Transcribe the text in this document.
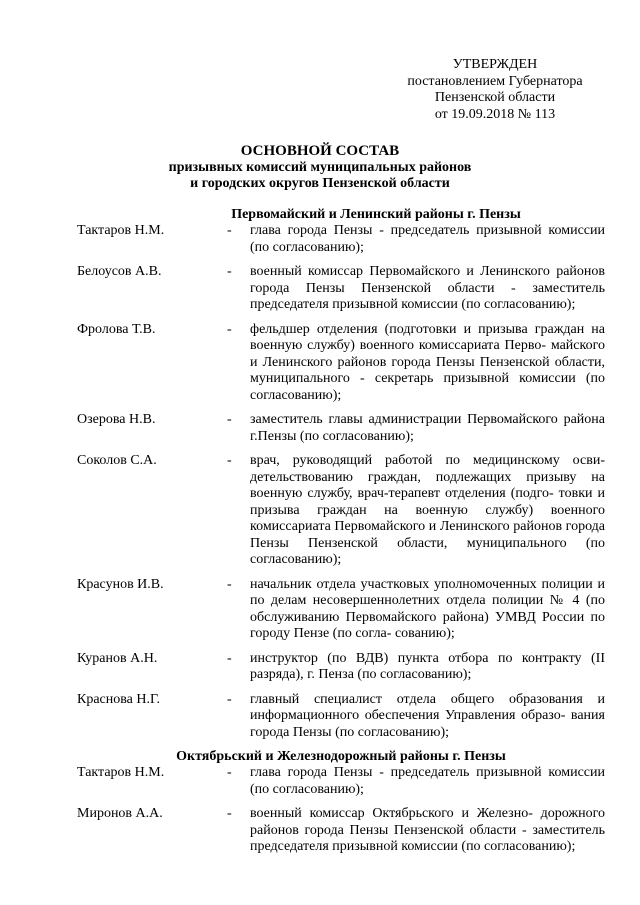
УТВЕРЖДЕН
постановлением Губернатора
Пензенской области
от 19.09.2018 № 113
ОСНОВНОЙ СОСТАВ
призывных комиссий муниципальных районов
и городских округов Пензенской области
Первомайский и Ленинский районы г. Пензы
Тактаров Н.М.	-	глава города Пензы - председатель призывной комиссии (по согласованию);
Белоусов А.В.	-	военный комиссар Первомайского и Ленинского районов города Пензы Пензенской области - заместитель председателя призывной комиссии (по согласованию);
Фролова Т.В.	-	фельдшер отделения (подготовки и призыва граждан на военную службу) военного комиссариата Перво- майского и Ленинского районов города Пензы Пензенской области, муниципального - секретарь призывной комиссии (по согласованию);
Озерова Н.В.	-	заместитель главы администрации Первомайского района г.Пензы (по согласованию);
Соколов С.А.	-	врач, руководящий работой по медицинскому осви- детельствованию граждан, подлежащих призыву на военную службу, врач-терапевт отделения (подго- товки и призыва граждан на военную службу) военного комиссариата Первомайского и Ленинского районов города Пензы Пензенской области, муниципального (по согласованию);
Красунов И.В.	-	начальник отдела участковых уполномоченных полиции и по делам несовершеннолетних отдела полиции № 4 (по обслуживанию Первомайского района) УМВД России по городу Пензе (по согла- сованию);
Куранов А.Н.	-	инструктор (по ВДВ) пункта отбора по контракту (II разряда), г. Пенза (по согласованию);
Краснова Н.Г.	-	главный специалист отдела общего образования и информационного обеспечения Управления образо- вания города Пензы (по согласованию);
Октябрьский и Железнодорожный районы г. Пензы
Тактаров Н.М.	-	глава города Пензы - председатель призывной комиссии (по согласованию);
Миронов А.А.	-	военный комиссар Октябрьского и Железно- дорожного районов города Пензы Пензенской области - заместитель председателя призывной комиссии (по согласованию);
